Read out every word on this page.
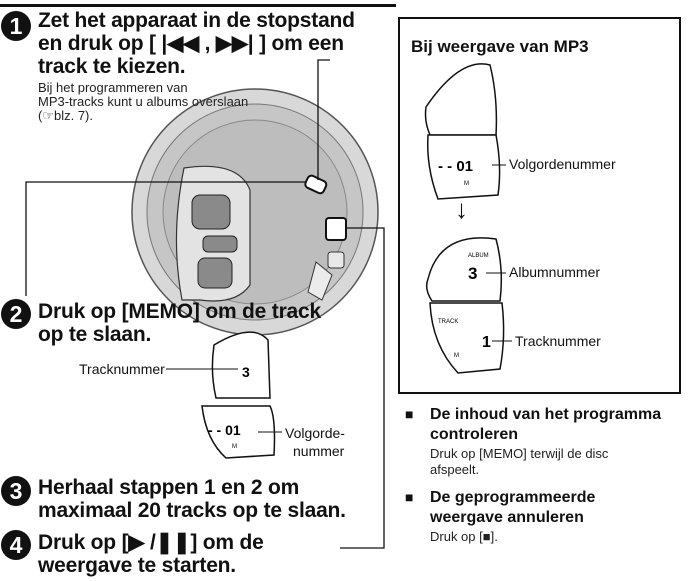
3
- - 01
M
1 Zet het apparaat in de stopstand
en druk op [ |◀◀ , ▶▶| ] om een
track te kiezen.
Bij het programmeren van
MP3-tracks kunt u albums overslaan
(☞blz. 7).
2 Druk op [MEMO] om de track
op te slaan.
Tracknummer
Volgorde-
nummer
3 Herhaal stappen 1 en 2 om
maximaal 20 tracks op te slaan.
4 Druk op [▶ /❚❚] om de
weergave te starten.
Bij weergave van MP3
- - 01
M
ALBUM
3
TRACK
1
M
Volgordenummer
↓
Albumnummer
Tracknummer
■ De inhoud van het programma
controleren
Druk op [MEMO] terwijl de disc
afspeelt.
■ De geprogrammeerde
weergave annuleren
Druk op [■].
